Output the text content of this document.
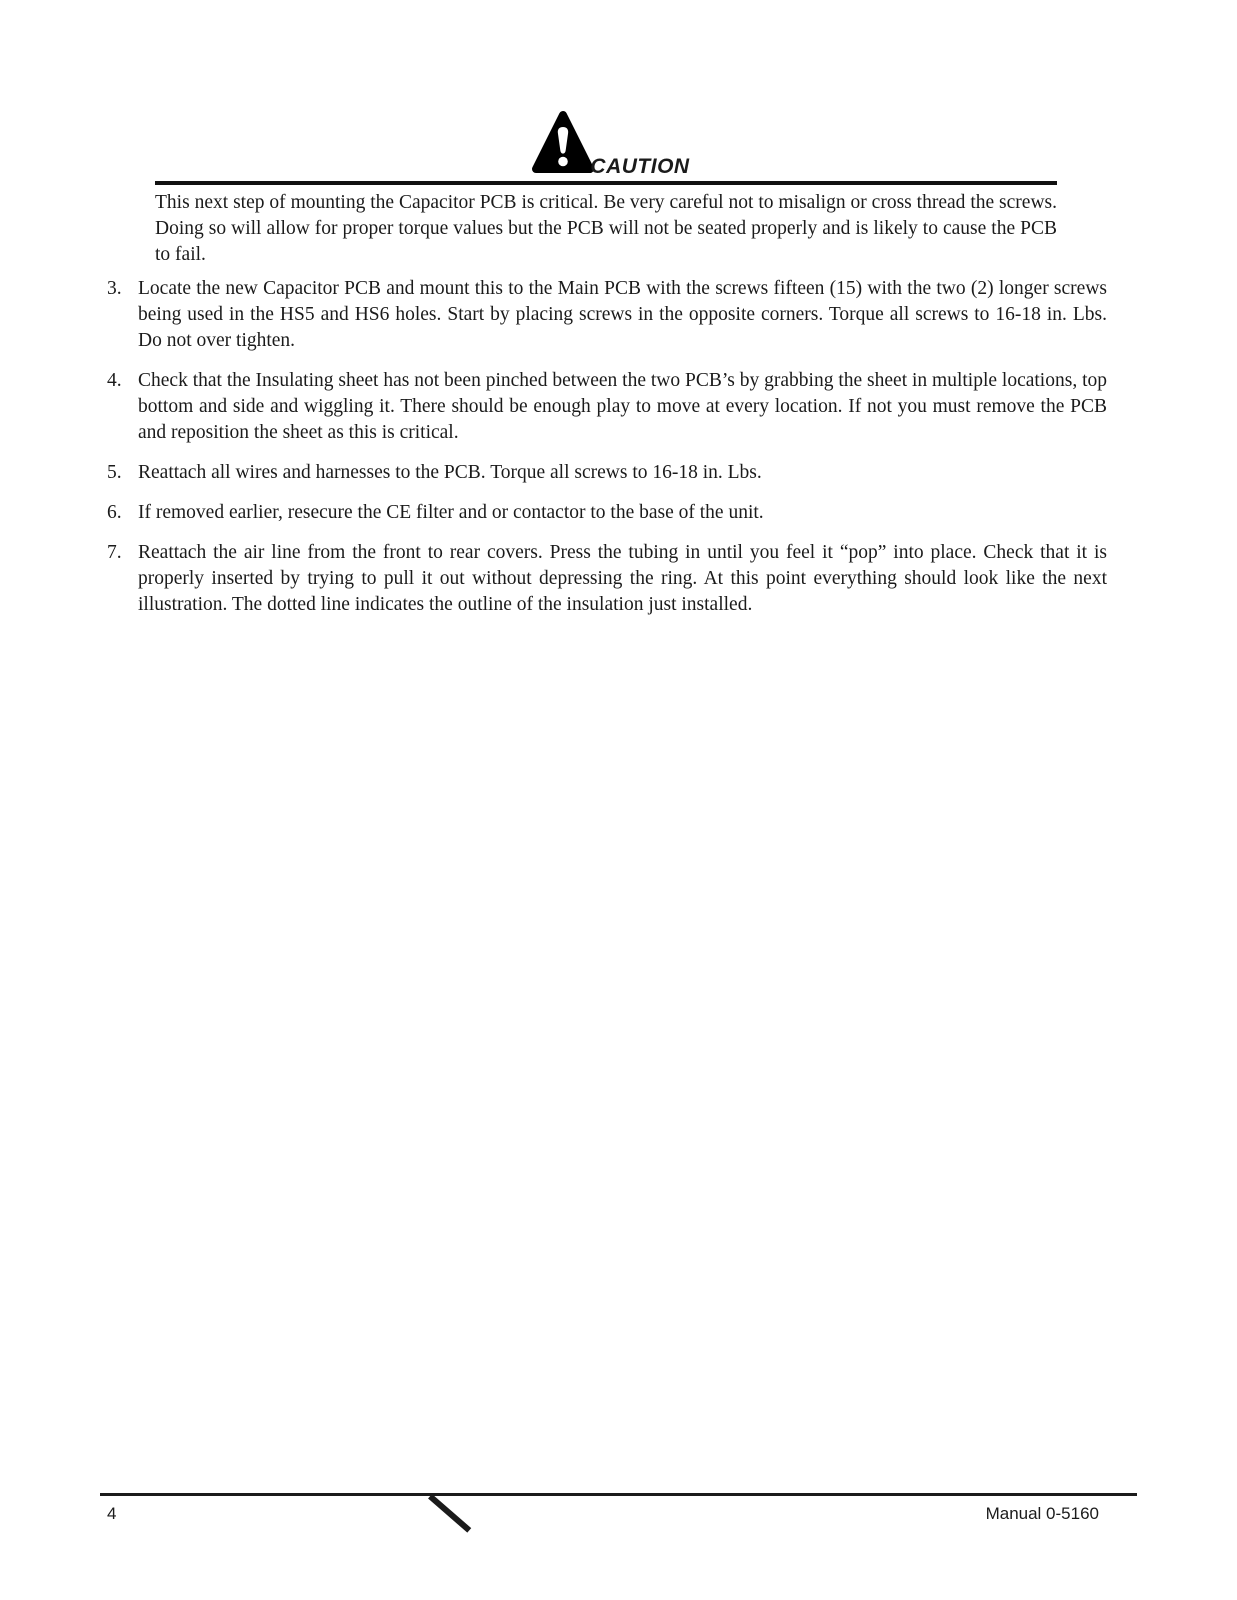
CAUTION

This next step of mounting the Capacitor PCB is critical. Be very careful not to misalign or cross thread the screws. Doing so will allow for proper torque values but the PCB will not be seated properly and is likely to cause the PCB to fail.

3. Locate the new Capacitor PCB and mount this to the Main PCB with the screws fifteen (15) with the two (2) longer screws being used in the HS5 and HS6 holes. Start by placing screws in the opposite corners. Torque all screws to 16-18 in. Lbs. Do not over tighten.
4. Check that the Insulating sheet has not been pinched between the two PCB’s by grabbing the sheet in multiple locations, top bottom and side and wiggling it. There should be enough play to move at every location. If not you must remove the PCB and reposition the sheet as this is critical.
5. Reattach all wires and harnesses to the PCB. Torque all screws to 16-18 in. Lbs.
6. If removed earlier, resecure the CE filter and or contactor to the base of the unit.
7. Reattach the air line from the front to rear covers. Press the tubing in until you feel it “pop” into place. Check that it is properly inserted by trying to pull it out without depressing the ring. At this point everything should look like the next illustration. The dotted line indicates the outline of the insulation just installed.
4	Manual 0-5160
